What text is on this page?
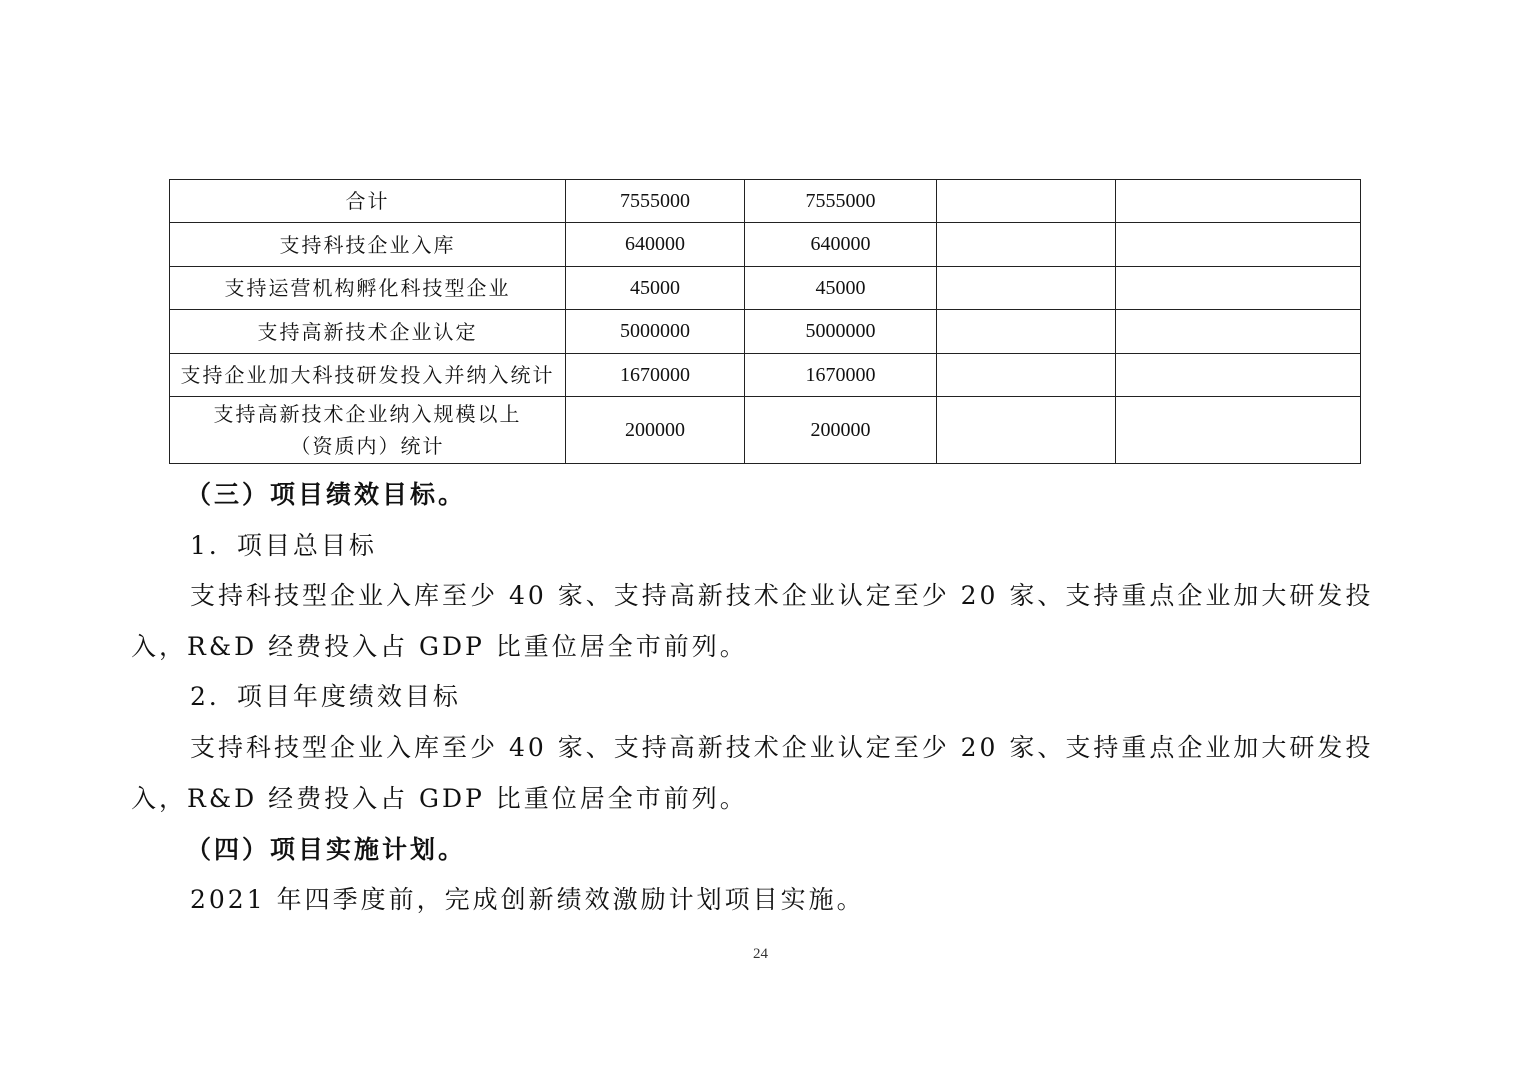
合计	7555000	7555000		
支持科技企业入库	640000	640000		
支持运营机构孵化科技型企业	45000	45000		
支持高新技术企业认定	5000000	5000000		
支持企业加大科技研发投入并纳入统计	1670000	1670000		

支持高新技术企业纳入规模以上
（资质内）统计	200000	200000		
（三）项目绩效目标。
1．项目总目标
支持科技型企业入库至少 40 家、支持高新技术企业认定至少 20 家、支持重点企业加大研发投
入，R&D 经费投入占 GDP 比重位居全市前列。
2．项目年度绩效目标
支持科技型企业入库至少 40 家、支持高新技术企业认定至少 20 家、支持重点企业加大研发投
入，R&D 经费投入占 GDP 比重位居全市前列。
（四）项目实施计划。
2021 年四季度前，完成创新绩效激励计划项目实施。
24
